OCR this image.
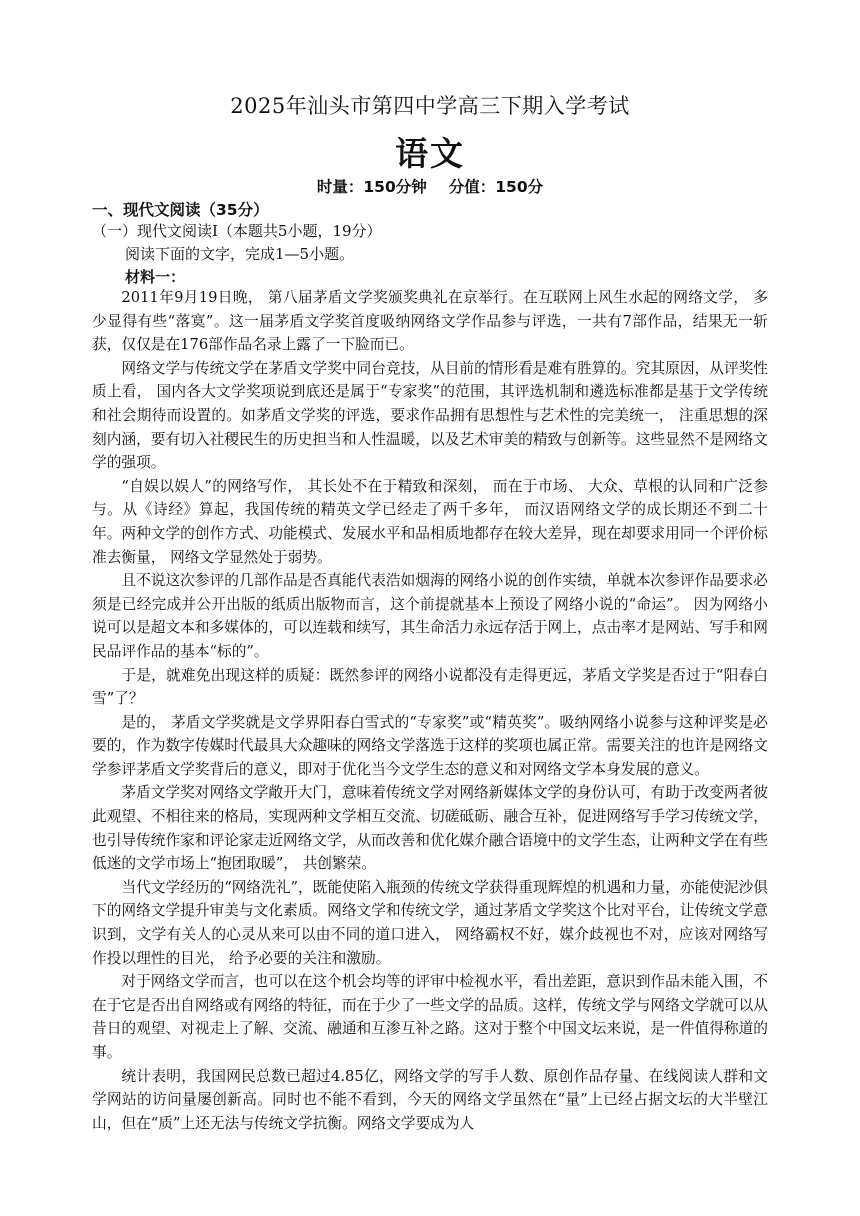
2025年汕头市第四中学高三下期入学考试
语文
时量：150分钟 分值：150分
一、现代文阅读（35分）
（一）现代文阅读Ⅰ（本题共5小题，19分）
阅读下面的文字，完成1—5小题。
材料一：

2011年9月19日晚， 第八届茅盾文学奖颁奖典礼在京举行。在互联网上风生水起的网络文学， 多少显得有些“落寞”。这一届茅盾文学奖首度吸纳网络文学作品参与评选，一共有7部作品，结果无一斩获，仅仅是在176部作品名录上露了一下脸而已。

网络文学与传统文学在茅盾文学奖中同台竞技，从目前的情形看是难有胜算的。究其原因，从评奖性质上看， 国内各大文学奖项说到底还是属于“专家奖”的范围，其评选机制和遴选标准都是基于文学传统和社会期待而设置的。如茅盾文学奖的评选，要求作品拥有思想性与艺术性的完美统一， 注重思想的深刻内涵，要有切入社稷民生的历史担当和人性温暖，以及艺术审美的精致与创新等。这些显然不是网络文学的强项。

“自娱以娱人”的网络写作， 其长处不在于精致和深刻， 而在于市场、 大众、草根的认同和广泛参与。从《诗经》算起，我国传统的精英文学已经走了两千多年， 而汉语网络文学的成长期还不到二十年。两种文学的创作方式、功能模式、发展水平和品相质地都存在较大差异，现在却要求用同一个评价标准去衡量， 网络文学显然处于弱势。

且不说这次参评的几部作品是否真能代表浩如烟海的网络小说的创作实绩，单就本次参评作品要求必须是已经完成并公开出版的纸质出版物而言，这个前提就基本上预设了网络小说的“命运”。 因为网络小说可以是超文本和多媒体的，可以连载和续写，其生命活力永远存活于网上，点击率才是网站、写手和网民品评作品的基本“标的”。

于是，就难免出现这样的质疑：既然参评的网络小说都没有走得更远，茅盾文学奖是否过于“阳春白雪”了？

是的， 茅盾文学奖就是文学界阳春白雪式的“专家奖”或“精英奖”。吸纳网络小说参与这种评奖是必要的，作为数字传媒时代最具大众趣味的网络文学落选于这样的奖项也属正常。需要关注的也许是网络文学参评茅盾文学奖背后的意义，即对于优化当今文学生态的意义和对网络文学本身发展的意义。

茅盾文学奖对网络文学敞开大门，意味着传统文学对网络新媒体文学的身份认可，有助于改变两者彼此观望、不相往来的格局，实现两种文学相互交流、切磋砥砺、融合互补，促进网络写手学习传统文学，也引导传统作家和评论家走近网络文学，从而改善和优化媒介融合语境中的文学生态，让两种文学在有些低迷的文学市场上“抱团取暖”， 共创繁荣。

当代文学经历的“网络洗礼”，既能使陷入瓶颈的传统文学获得重现辉煌的机遇和力量，亦能使泥沙俱下的网络文学提升审美与文化素质。网络文学和传统文学，通过茅盾文学奖这个比对平台，让传统文学意识到，文学有关人的心灵从来可以由不同的道口进入， 网络霸权不好，媒介歧视也不对，应该对网络写作投以理性的目光， 给予必要的关注和激励。

对于网络文学而言，也可以在这个机会均等的评审中检视水平，看出差距，意识到作品未能入围，不在于它是否出自网络或有网络的特征，而在于少了一些文学的品质。这样，传统文学与网络文学就可以从昔日的观望、对视走上了解、交流、融通和互渗互补之路。这对于整个中国文坛来说，是一件值得称道的事。

统计表明，我国网民总数已超过4.85亿，网络文学的写手人数、原创作品存量、在线阅读人群和文学网站的访问量屡创新高。同时也不能不看到，今天的网络文学虽然在“量”上已经占据文坛的大半壁江山，但在“质”上还无法与传统文学抗衡。网络文学要成为人
